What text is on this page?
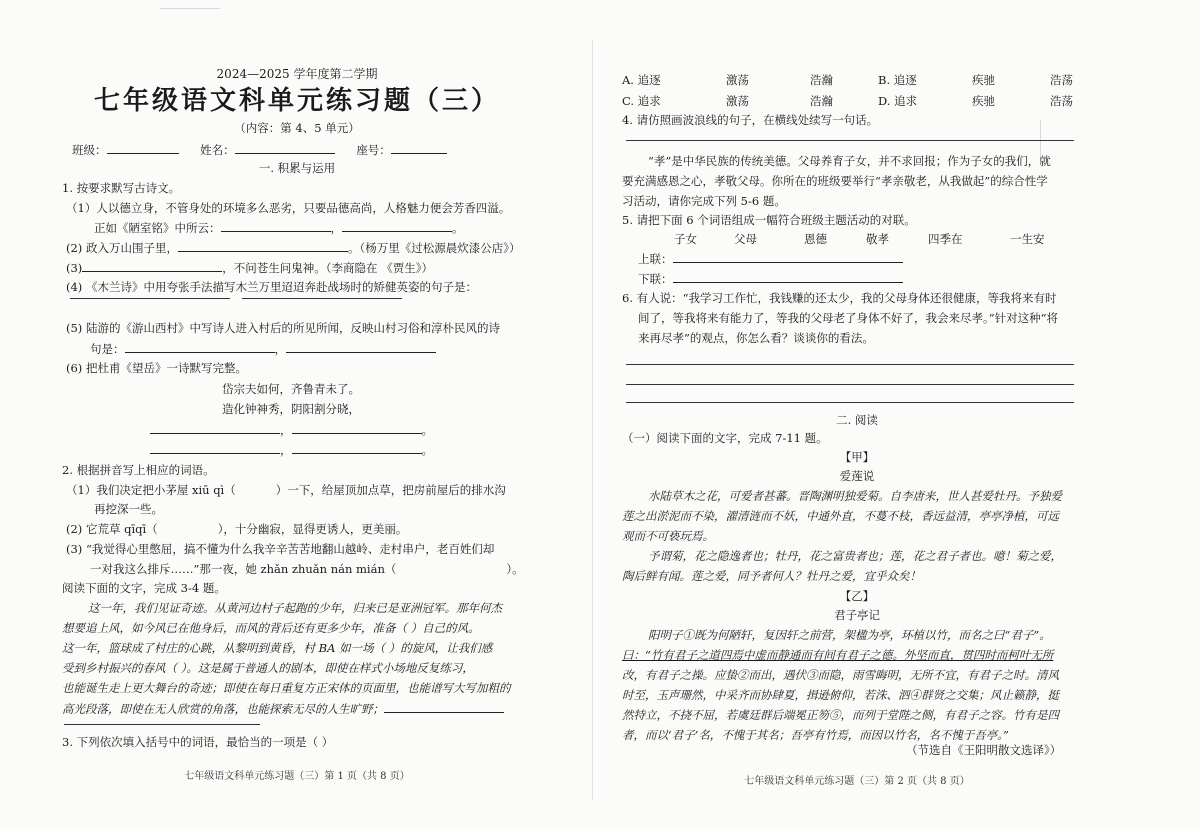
2024—2025 学年度第二学期
七年级语文科单元练习题（三）
（内容：第 4、5 单元）
班级：	姓名：	座号：
一. 积累与运用
1. 按要求默写古诗文。
（1）人以德立身，不管身处的环境多么恶劣，只要品德高尚，人格魅力便会芳香四溢。
正如《陋室铭》中所云：	，	。
(2) 政入万山围子里，	。（杨万里《过松源晨炊漆公店》）
(3)	，不问苍生问鬼神。（李商隐在 《贾生》）
(4) 《木兰诗》中用夸张手法描写木兰万里迢迢奔赴战场时的矫健英姿的句子是：
(5) 陆游的《游山西村》中写诗人进入村后的所见所闻，反映山村习俗和淳朴民风的诗
句是：	，
(6) 把杜甫《望岳》一诗默写完整。
岱宗夫如何，齐鲁青未了。
造化钟神秀，阴阳割分晓，
，	。
，	。
2. 根据拼音写上相应的词语。
（1）我们决定把小茅屋 xiū qì（	）一下，给屋顶加点草，把房前屋后的排水沟
再挖深一些。
(2) 它荒草 qīqī（	），十分幽寂，显得更诱人，更美丽。
(3) “我觉得心里憋屈，搞不懂为什么我辛辛苦苦地翻山越岭、走村串户，老百姓们却
一对我这么排斥……”那一夜，她 zhǎn zhuǎn nán mián（	）。
阅读下面的文字，完成 3-4 题。
这一年，我们见证奇迹。从黄河边村子起跑的少年，归来已是亚洲冠军。那年何杰
想要追上风，如今风已在他身后，而风的背后还有更多少年，准备（ ）自己的风。
这一年，篮球成了村庄的心跳，从黎明到黄昏，村 BA 如一场（ ）的旋风，让我们感
受到乡村振兴的春风（ ）。这是属于普通人的剧本，即使在样式小场地反复练习，
也能诞生走上更大舞台的奇迹；即使在每日重复方正宋体的页面里，也能谱写大写加粗的
高光段落，即使在无人欣赏的角落，也能探索无尽的人生旷野；
3. 下列依次填入括号中的词语，最恰当的一项是（ ）
七年级语文科单元练习题（三）第 1 页（共 8 页）
A. 追逐	激荡	浩瀚	B. 追逐	疾驰	浩荡
C. 追求	激荡	浩瀚	D. 追求	疾驰	浩荡
4. 请仿照画波浪线的句子，在横线处续写一句话。
“孝”是中华民族的传统美德。父母养育子女，并不求回报；作为子女的我们，就
要充满感恩之心，孝敬父母。你所在的班级要举行“孝亲敬老，从我做起”的综合性学
习活动，请你完成下列 5-6 题。
5. 请把下面 6 个词语组成一幅符合班级主题活动的对联。
子女	父母	恩德	敬孝	四季在	一生安
上联：
下联：
6. 有人说：“我学习工作忙，我钱赚的还太少，我的父母身体还很健康，等我将来有时
间了，等我将来有能力了，等我的父母老了身体不好了，我会来尽孝。”针对这种“将
来再尽孝”的观点，你怎么看？谈谈你的看法。
二. 阅读
（一）阅读下面的文字，完成 7-11 题。
【甲】
爱莲说
水陆草木之花，可爱者甚蕃。晋陶渊明独爱菊。自李唐来，世人甚爱牡丹。予独爱
莲之出淤泥而不染，濯清涟而不妖，中通外直，不蔓不枝，香远益清，亭亭净植，可远
观而不可亵玩焉。
予谓菊，花之隐逸者也；牡丹，花之富贵者也；莲，花之君子者也。噫！菊之爱，
陶后鲜有闻。莲之爱，同予者何人？牡丹之爱，宜乎众矣！
【乙】
君子亭记
阳明子①既为何陋轩，复因轩之前营，架楹为亭，环植以竹，而名之曰“君子”。
曰：“竹有君子之道四焉中虚而静通而有间有君子之德。外坚而直，贯四时而柯叶无所
改，有君子之操。应蛰②而出，遇伏③而隐，雨雪晦明，无所不宜，有君子之时。清风
时至，玉声珊然，中采齐而协肆夏，揖逊俯仰，若洙、泗④群贤之交集；风止籁静，挺
然特立，不挠不屈，若虞廷群后端冕正笏⑤，而列于堂陛之侧，有君子之容。竹有是四
者，而以‘君子’名，不愧于其名；吾亭有竹焉，而因以竹名，名不愧于吾亭。”
（节选自《王阳明散文选译》）
七年级语文科单元练习题（三）第 2 页（共 8 页）
